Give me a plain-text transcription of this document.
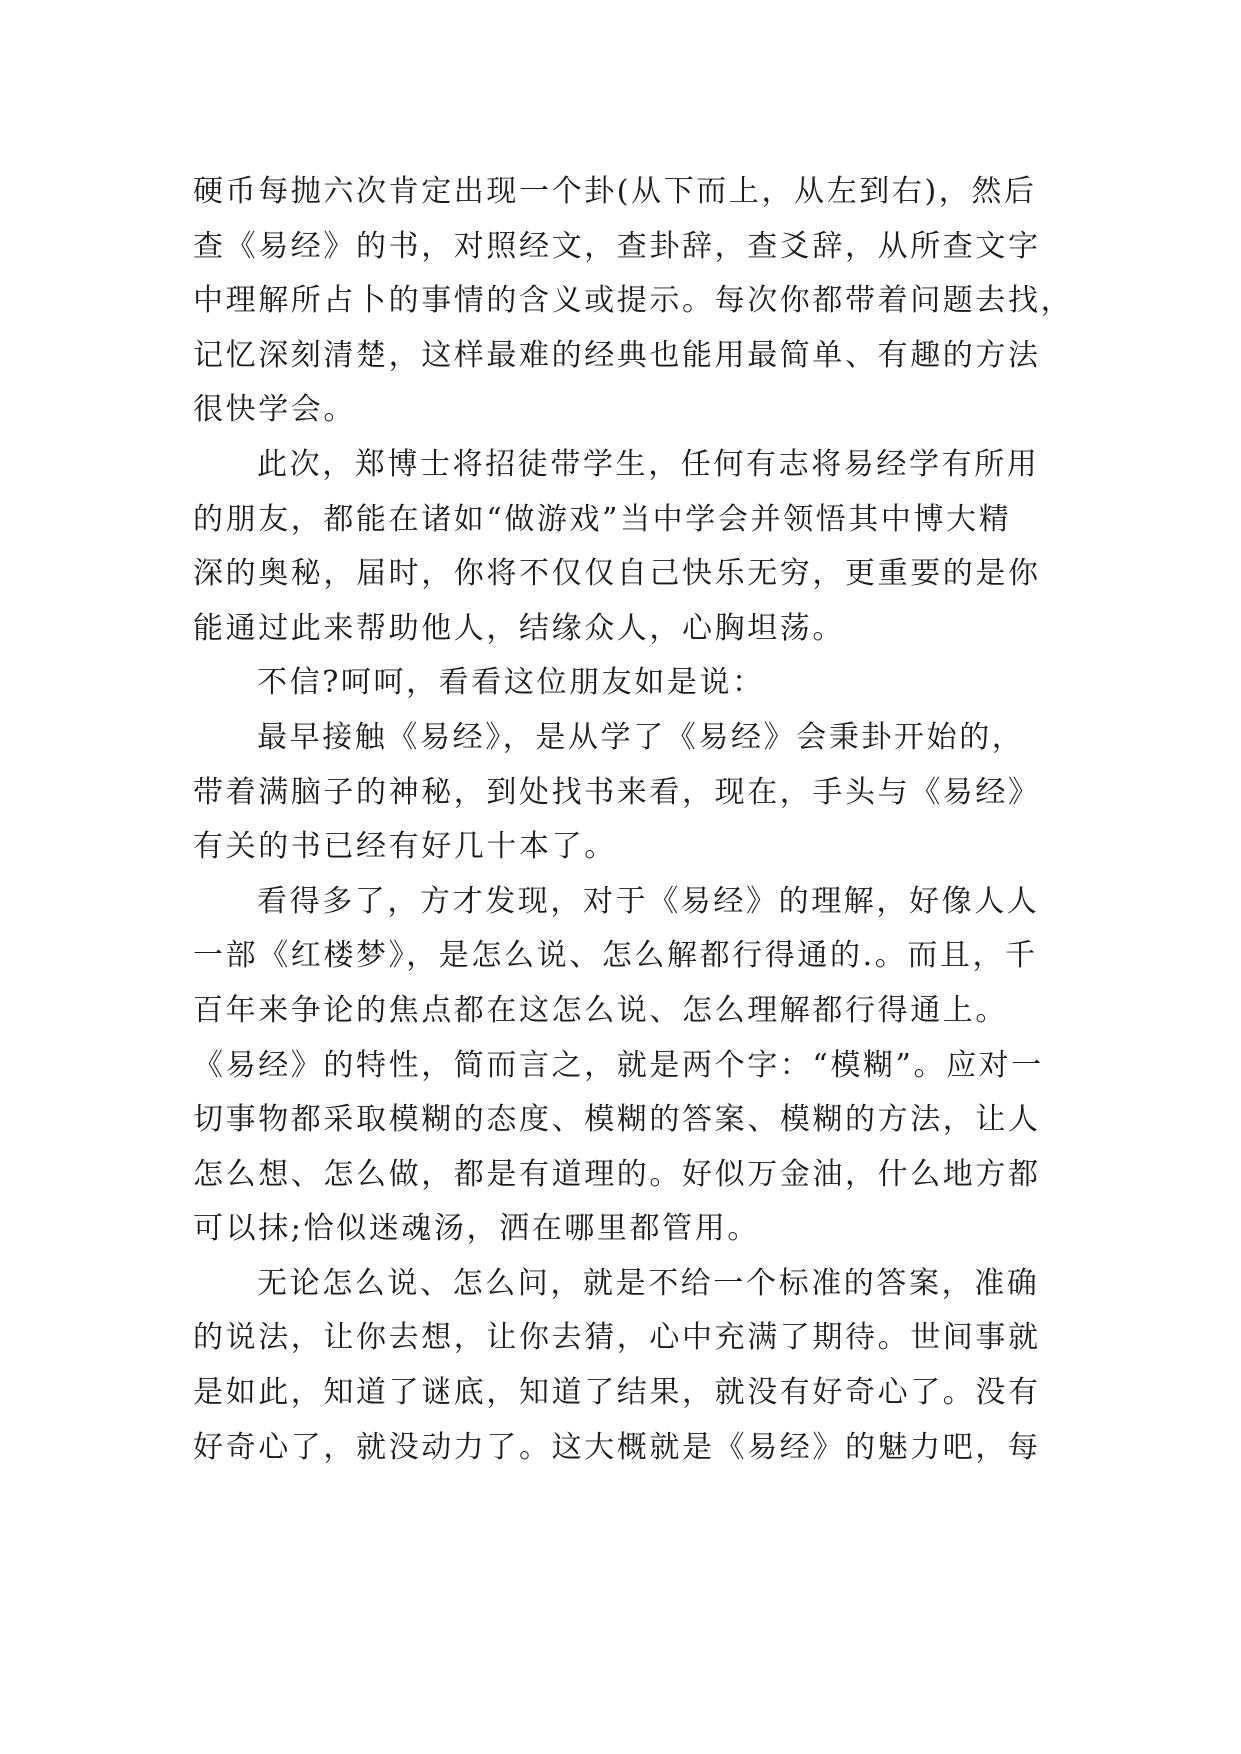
硬币每抛六次肯定出现一个卦(从下而上，从左到右)，然后
查《易经》的书，对照经文，查卦辞，查爻辞，从所查文字
中理解所占卜的事情的含义或提示。每次你都带着问题去找，
记忆深刻清楚，这样最难的经典也能用最简单、有趣的方法
很快学会。

此次，郑博士将招徒带学生，任何有志将易经学有所用
的朋友，都能在诸如“做游戏”当中学会并领悟其中博大精
深的奥秘，届时，你将不仅仅自己快乐无穷，更重要的是你
能通过此来帮助他人，结缘众人，心胸坦荡。

不信?呵呵，看看这位朋友如是说：

最早接触《易经》，是从学了《易经》会秉卦开始的，
带着满脑子的神秘，到处找书来看，现在，手头与《易经》
有关的书已经有好几十本了。

看得多了，方才发现，对于《易经》的理解，好像人人
一部《红楼梦》，是怎么说、怎么解都行得通的.。而且，千
百年来争论的焦点都在这怎么说、怎么理解都行得通上。
《易经》的特性，简而言之，就是两个字：“模糊”。应对一
切事物都采取模糊的态度、模糊的答案、模糊的方法，让人
怎么想、怎么做，都是有道理的。好似万金油，什么地方都
可以抹;恰似迷魂汤，洒在哪里都管用。

无论怎么说、怎么问，就是不给一个标准的答案，准确
的说法，让你去想，让你去猜，心中充满了期待。世间事就
是如此，知道了谜底，知道了结果，就没有好奇心了。没有
好奇心了，就没动力了。这大概就是《易经》的魅力吧，每
